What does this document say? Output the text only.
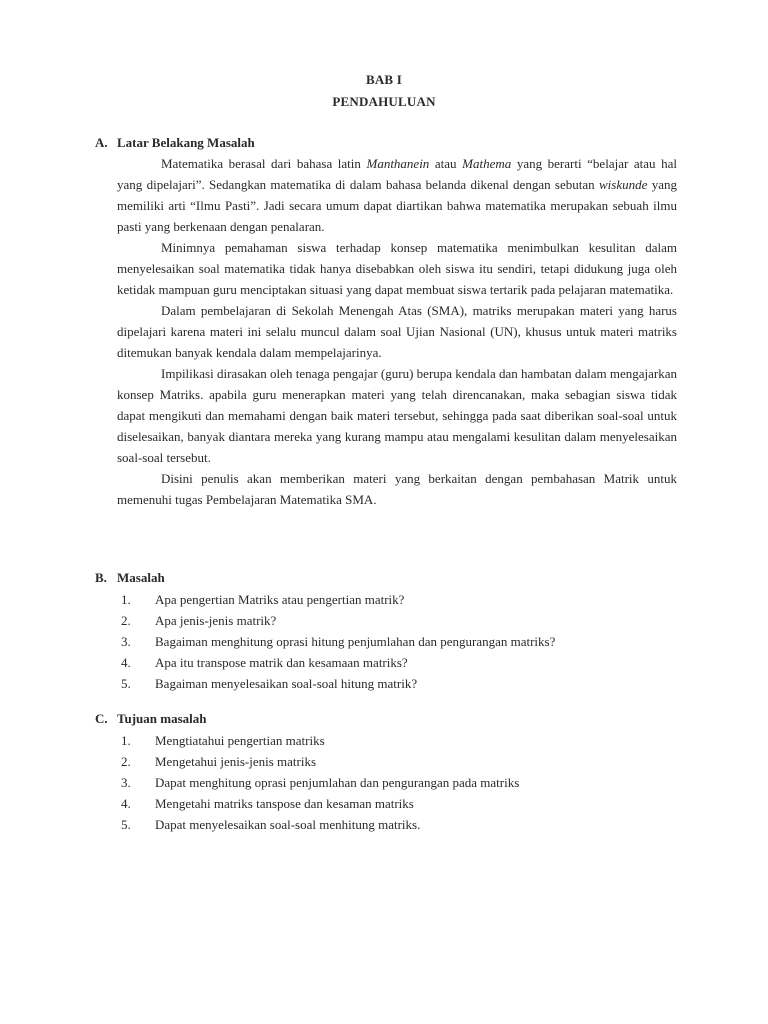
BAB I
PENDAHULUAN
A. Latar Belakang Masalah

Matematika berasal dari bahasa latin Manthanein atau Mathema yang berarti “belajar atau hal yang dipelajari”. Sedangkan matematika di dalam bahasa belanda dikenal dengan sebutan wiskunde yang memiliki arti “Ilmu Pasti”. Jadi secara umum dapat diartikan bahwa matematika merupakan sebuah ilmu pasti yang berkenaan dengan penalaran.

Minimnya pemahaman siswa terhadap konsep matematika menimbulkan kesulitan dalam menyelesaikan soal matematika tidak hanya disebabkan oleh siswa itu sendiri, tetapi didukung juga oleh ketidak mampuan guru menciptakan situasi yang dapat membuat siswa tertarik pada pelajaran matematika.

Dalam pembelajaran di Sekolah Menengah Atas (SMA), matriks merupakan materi yang harus dipelajari karena materi ini selalu muncul dalam soal Ujian Nasional (UN), khusus untuk materi matriks ditemukan banyak kendala dalam mempelajarinya.

Impilikasi dirasakan oleh tenaga pengajar (guru) berupa kendala dan hambatan dalam mengajarkan konsep Matriks. apabila guru menerapkan materi yang telah direncanakan, maka sebagian siswa tidak dapat mengikuti dan memahami dengan baik materi tersebut, sehingga pada saat diberikan soal-soal untuk diselesaikan, banyak diantara mereka yang kurang mampu atau mengalami kesulitan dalam menyelesaikan soal-soal tersebut.

Disini penulis akan memberikan materi yang berkaitan dengan pembahasan Matrik untuk memenuhi tugas Pembelajaran Matematika SMA.

B. Masalah
1. Apa pengertian Matriks atau pengertian matrik?
2. Apa jenis-jenis matrik?
3. Bagaiman menghitung oprasi hitung penjumlahan dan pengurangan matriks?
4. Apa itu transpose matrik dan kesamaan matriks?
5. Bagaiman menyelesaikan soal-soal hitung matrik?
C. Tujuan masalah
1. Mengtiatahui pengertian matriks
2. Mengetahui jenis-jenis matriks
3. Dapat menghitung oprasi penjumlahan dan pengurangan pada matriks
4. Mengetahi matriks tanspose dan kesaman matriks
5. Dapat menyelesaikan soal-soal menhitung matriks.
